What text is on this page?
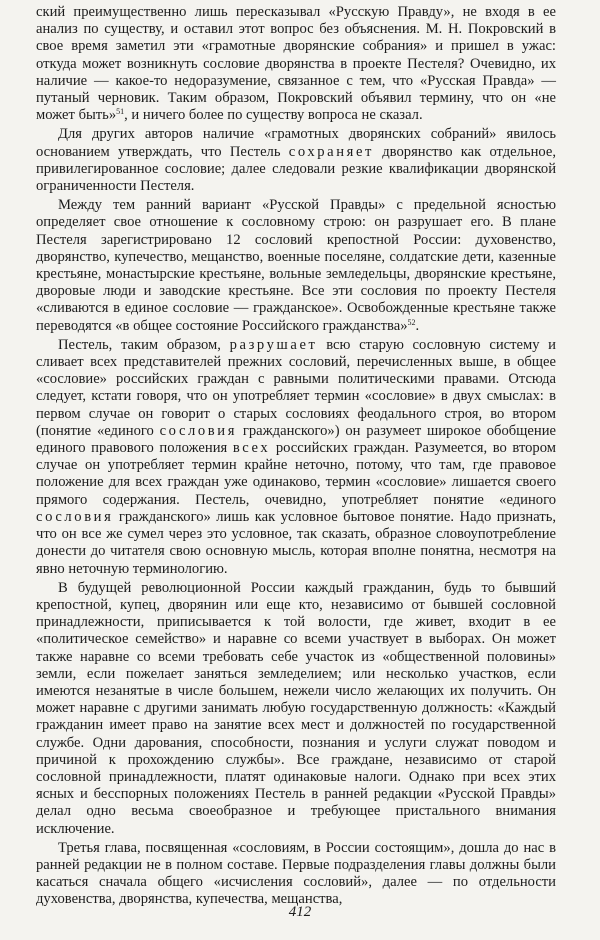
ский преимущественно лишь пересказывал «Русскую Правду», не входя в ее анализ по существу, и оставил этот вопрос без объяснения. М. Н. Покровский в свое время заметил эти «грамотные дворянские собрания» и пришел в ужас: откуда может возникнуть сословие дворянства в проекте Пестеля? Очевидно, их наличие — какое-то недоразумение, связанное с тем, что «Русская Правда» — путаный черновик. Таким образом, Покровский объявил термину, что он «не может быть»$^{51}$, и ничего более по существу вопроса не сказал.

Для других авторов наличие «грамотных дворянских собраний» явилось основанием утверждать, что Пестель сохраняет дворянство как отдельное, привилегированное сословие; далее следовали резкие квалификации дворянской ограниченности Пестеля.

Между тем ранний вариант «Русской Правды» с предельной ясностью определяет свое отношение к сословному строю: он разрушает его. В плане Пестеля зарегистрировано 12 сословий крепостной России: духовенство, дворянство, купечество, мещанство, военные поселяне, солдатские дети, казенные крестьяне, монастырские крестьяне, вольные земледельцы, дворянские крестьяне, дворовые люди и заводские крестьяне. Все эти сословия по проекту Пестеля «сливаются в единое сословие — гражданское». Освобожденные крестьяне также переводятся «в общее состояние Российского гражданства»$^{52}$.

Пестель, таким образом, разрушает всю старую сословную систему и сливает всех представителей прежних сословий, перечисленных выше, в общее «сословие» российских граждан с равными политическими правами. Отсюда следует, кстати говоря, что он употребляет термин «сословие» в двух смыслах: в первом случае он говорит о старых сословиях феодального строя, во втором (понятие «единого сословия гражданского») он разумеет широкое обобщение единого правового положения всех российских граждан. Разумеется, во втором случае он употребляет термин крайне неточно, потому, что там, где правовое положение для всех граждан уже одинаково, термин «сословие» лишается своего прямого содержания. Пестель, очевидно, употребляет понятие «единого сословия гражданского» лишь как условное бытовое понятие. Надо признать, что он все же сумел через это условное, так сказать, образное словоупотребление донести до читателя свою основную мысль, которая вполне понятна, несмотря на явно неточную терминологию.

В будущей революционной России каждый гражданин, будь то бывший крепостной, купец, дворянин или еще кто, независимо от бывшей сословной принадлежности, приписывается к той волости, где живет, входит в ее «политическое семейство» и наравне со всеми участвует в выборах. Он может также наравне со всеми требовать себе участок из «общественной половины» земли, если пожелает заняться земледелием; или несколько участков, если имеются незанятые в числе большем, нежели число желающих их получить. Он может наравне с другими занимать любую государственную должность: «Каждый гражданин имеет право на занятие всех мест и должностей по государственной службе. Одни дарования, способности, познания и услуги служат поводом и причиной к прохождению службы». Все граждане, независимо от старой сословной принадлежности, платят одинаковые налоги. Однако при всех этих ясных и бесспорных положениях Пестель в ранней редакции «Русской Правды» делал одно весьма своеобразное и требующее пристального внимания исключение.

Третья глава, посвященная «сословиям, в России состоящим», дошла до нас в ранней редакции не в полном составе. Первые подразделения главы должны были касаться сначала общего «исчисления сословий», далее — по отдельности духовенства, дворянства, купечества, мещанства,

412
